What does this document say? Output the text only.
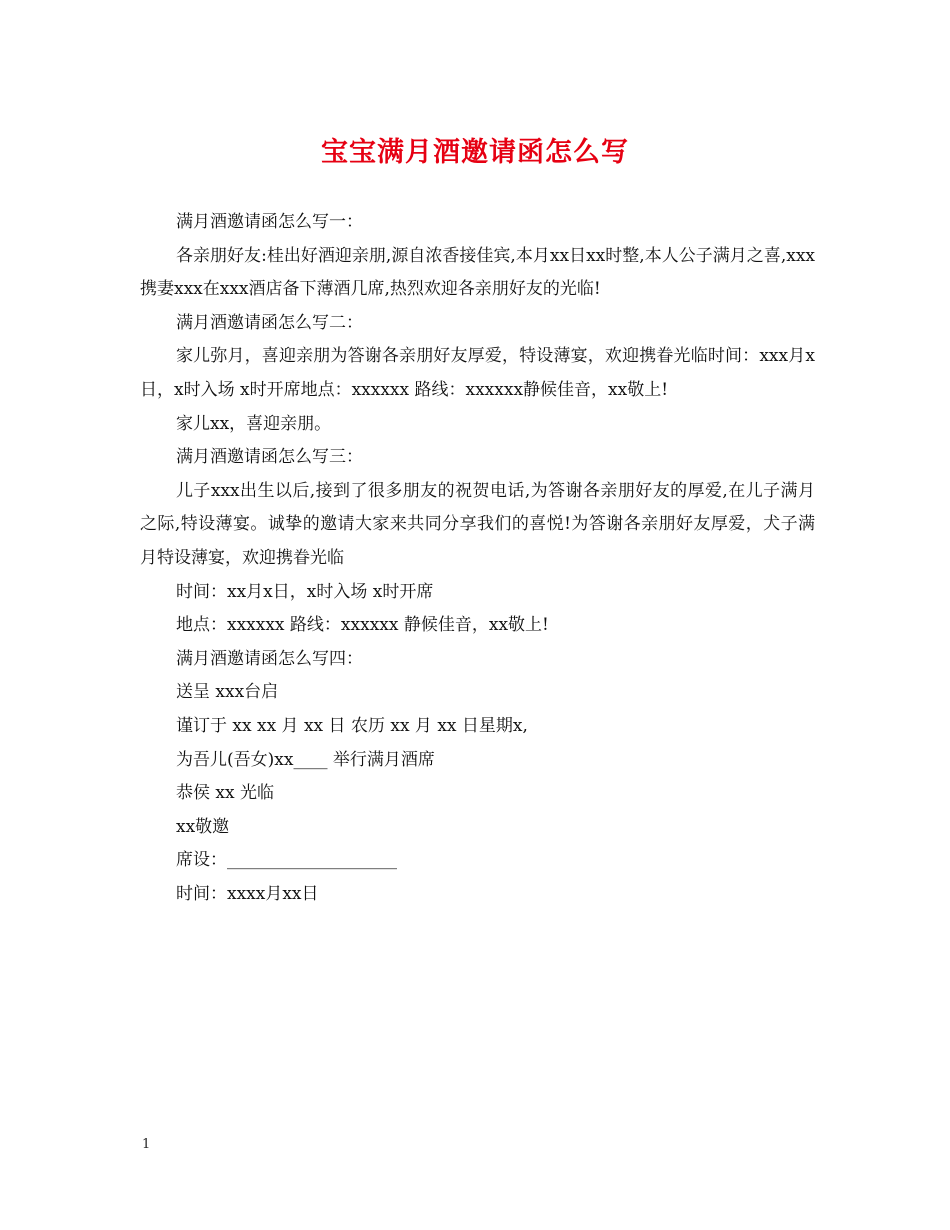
宝宝满月酒邀请函怎么写

满月酒邀请函怎么写一：

各亲朋好友:桂出好酒迎亲朋,源自浓香接佳宾,本月xx日xx时整,本人公子满月之喜,xxx携妻xxx在xxx酒店备下薄酒几席,热烈欢迎各亲朋好友的光临!

满月酒邀请函怎么写二：

家儿弥月，喜迎亲朋为答谢各亲朋好友厚爱，特设薄宴，欢迎携眷光临时间：xxx月x日，x时入场 x时开席地点：xxxxxx 路线：xxxxxx静候佳音，xx敬上!

家儿xx，喜迎亲朋。

满月酒邀请函怎么写三：

儿子xxx出生以后,接到了很多朋友的祝贺电话,为答谢各亲朋好友的厚爱,在儿子满月之际,特设薄宴。诚挚的邀请大家来共同分享我们的喜悦!为答谢各亲朋好友厚爱，犬子满月特设薄宴，欢迎携眷光临

时间：xx月x日，x时入场 x时开席

地点：xxxxxx 路线：xxxxxx 静候佳音，xx敬上!

满月酒邀请函怎么写四：

送呈 xxx台启

谨订于 xx xx 月 xx 日 农历 xx 月 xx 日星期x,

为吾儿(吾女)xx____ 举行满月酒席

恭侯 xx 光临

xx敬邀

席设：____________________

时间：xxxx月xx日

1
